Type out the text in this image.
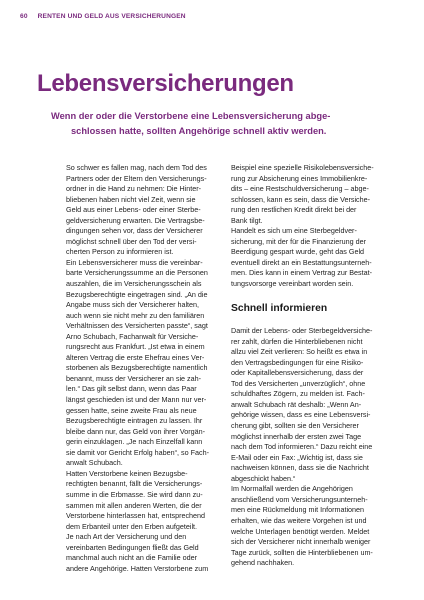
60 RENTEN UND GELD AUS VERSICHERUNGEN
Lebensversicherungen
Wenn der oder die Verstorbene eine Lebensversicherung abge-
schlossen hatte, sollten Angehörige schnell aktiv werden.
So schwer es fallen mag, nach dem Tod des
Partners oder der Eltern den Versicherungs-
ordner in die Hand zu nehmen: Die Hinter-
bliebenen haben nicht viel Zeit, wenn sie
Geld aus einer Lebens- oder einer Sterbe-
geldversicherung erwarten. Die Vertragsbe-
dingungen sehen vor, dass der Versicherer
möglichst schnell über den Tod der versi-
cherten Person zu informieren ist.
Ein Lebensversicherer muss die vereinbar-
barte Versicherungssumme an die Personen
auszahlen, die im Versicherungsschein als
Bezugsberechtigte eingetragen sind. „An die
Angabe muss sich der Versicherer halten,
auch wenn sie nicht mehr zu den familiären
Verhältnissen des Versicherten passte“, sagt
Arno Schubach, Fachanwalt für Versiche-
rungsrecht aus Frankfurt. „Ist etwa in einem
älteren Vertrag die erste Ehefrau eines Ver-
storbenen als Bezugsberechtigte namentlich
benannt, muss der Versicherer an sie zah-
len.“ Das gilt selbst dann, wenn das Paar
längst geschieden ist und der Mann nur ver-
gessen hatte, seine zweite Frau als neue
Bezugsberechtigte eintragen zu lassen. Ihr
bleibe dann nur, das Geld von ihrer Vorgän-
gerin einzuklagen. „Je nach Einzelfall kann
sie damit vor Gericht Erfolg haben“, so Fach-
anwalt Schubach.
Hatten Verstorbene keinen Bezugsbe-
rechtigten benannt, fällt die Versicherungs-
summe in die Erbmasse. Sie wird dann zu-
sammen mit allen anderen Werten, die der
Verstorbene hinterlassen hat, entsprechend
dem Erbanteil unter den Erben aufgeteilt.
Je nach Art der Versicherung und den
vereinbarten Bedingungen fließt das Geld
manchmal auch nicht an die Familie oder
andere Angehörige. Hatten Verstorbene zum
Beispiel eine spezielle Risikolebensversiche-
rung zur Absicherung eines Immobilienkre-
dits – eine Restschuldversicherung – abge-
schlossen, kann es sein, dass die Versiche-
rung den restlichen Kredit direkt bei der
Bank tilgt.
Handelt es sich um eine Sterbegeldver-
sicherung, mit der für die Finanzierung der
Beerdigung gespart wurde, geht das Geld
eventuell direkt an ein Bestattungsunterneh-
men. Dies kann in einem Vertrag zur Bestat-
tungsvorsorge vereinbart worden sein.
Schnell informieren
Damit der Lebens- oder Sterbegeldversiche-
rer zahlt, dürfen die Hinterbliebenen nicht
allzu viel Zeit verlieren: So heißt es etwa in
den Vertragsbedingungen für eine Risiko-
oder Kapitallebensversicherung, dass der
Tod des Versicherten „unverzüglich“, ohne
schuldhaftes Zögern, zu melden ist. Fach-
anwalt Schubach rät deshalb: „Wenn An-
gehörige wissen, dass es eine Lebensversi-
cherung gibt, sollten sie den Versicherer
möglichst innerhalb der ersten zwei Tage
nach dem Tod informieren.“ Dazu reicht eine
E-Mail oder ein Fax: „Wichtig ist, dass sie
nachweisen können, dass sie die Nachricht
abgeschickt haben.“
Im Normalfall werden die Angehörigen
anschließend vom Versicherungsunterneh-
men eine Rückmeldung mit Informationen
erhalten, wie das weitere Vorgehen ist und
welche Unterlagen benötigt werden. Meldet
sich der Versicherer nicht innerhalb weniger
Tage zurück, sollten die Hinterbliebenen um-
gehend nachhaken.
